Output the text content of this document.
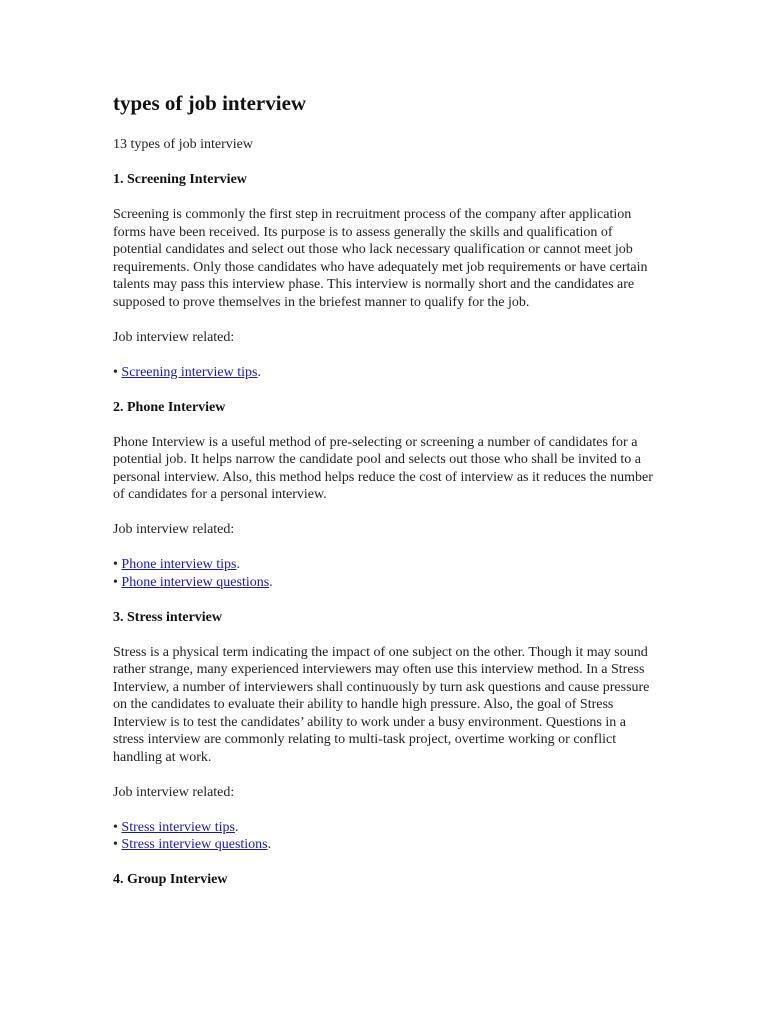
types of job interview
13 types of job interview
1. Screening Interview
Screening is commonly the first step in recruitment process of the company after application forms have been received. Its purpose is to assess generally the skills and qualification of potential candidates and select out those who lack necessary qualification or cannot meet job requirements. Only those candidates who have adequately met job requirements or have certain talents may pass this interview phase. This interview is normally short and the candidates are supposed to prove themselves in the briefest manner to qualify for the job.
Job interview related:
• Screening interview tips.
2. Phone Interview
Phone Interview is a useful method of pre-selecting or screening a number of candidates for a potential job. It helps narrow the candidate pool and selects out those who shall be invited to a personal interview. Also, this method helps reduce the cost of interview as it reduces the number of candidates for a personal interview.
Job interview related:
• Phone interview tips.
• Phone interview questions.
3. Stress interview
Stress is a physical term indicating the impact of one subject on the other. Though it may sound rather strange, many experienced interviewers may often use this interview method. In a Stress Interview, a number of interviewers shall continuously by turn ask questions and cause pressure on the candidates to evaluate their ability to handle high pressure. Also, the goal of Stress Interview is to test the candidates’ ability to work under a busy environment. Questions in a stress interview are commonly relating to multi-task project, overtime working or conflict handling at work.
Job interview related:
• Stress interview tips.
• Stress interview questions.
4. Group Interview
